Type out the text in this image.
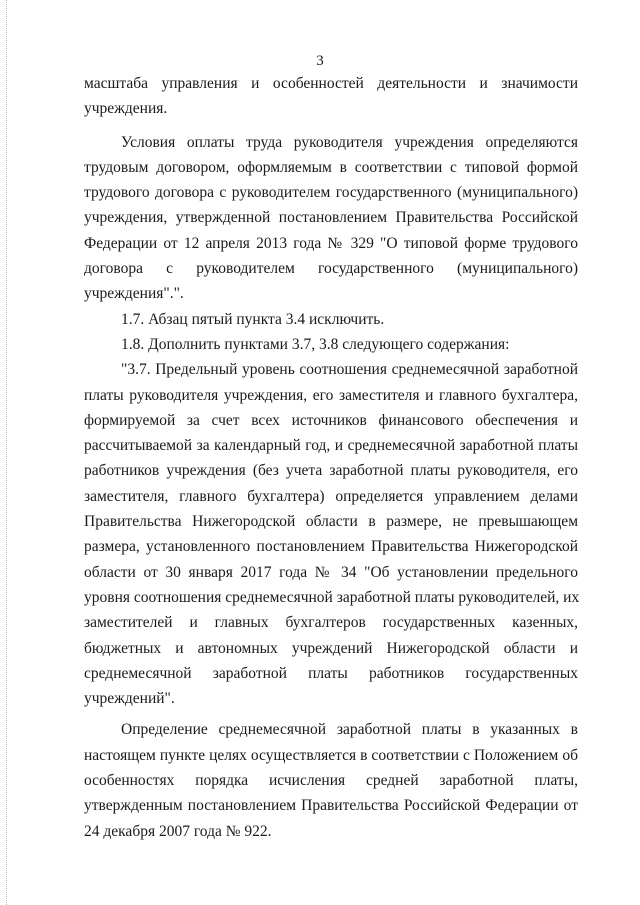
3

масштаба управления и особенностей деятельности и значимости
учреждения.

Условия оплаты труда руководителя учреждения определяются
трудовым договором, оформляемым в соответствии с типовой формой
трудового договора с руководителем государственного (муниципального)
учреждения, утвержденной постановлением Правительства Российской
Федерации от 12 апреля 2013 года № 329 "О типовой форме трудового
договора с руководителем государственного (муниципального)
учреждения".".

1.7. Абзац пятый пункта 3.4 исключить.

1.8. Дополнить пунктами 3.7, 3.8 следующего содержания:

"3.7. Предельный уровень соотношения среднемесячной заработной
платы руководителя учреждения, его заместителя и главного бухгалтера,
формируемой за счет всех источников финансового обеспечения и
рассчитываемой за календарный год, и среднемесячной заработной платы
работников учреждения (без учета заработной платы руководителя, его
заместителя, главного бухгалтера) определяется управлением делами
Правительства Нижегородской области в размере, не превышающем
размера, установленного постановлением Правительства Нижегородской
области от 30 января 2017 года № 34 "Об установлении предельного
уровня соотношения среднемесячной заработной платы руководителей, их
заместителей и главных бухгалтеров государственных казенных,
бюджетных и автономных учреждений Нижегородской области и
среднемесячной заработной платы работников государственных
учреждений".

Определение среднемесячной заработной платы в указанных в
настоящем пункте целях осуществляется в соответствии с Положением об
особенностях порядка исчисления средней заработной платы,
утвержденным постановлением Правительства Российской Федерации от
24 декабря 2007 года № 922.
